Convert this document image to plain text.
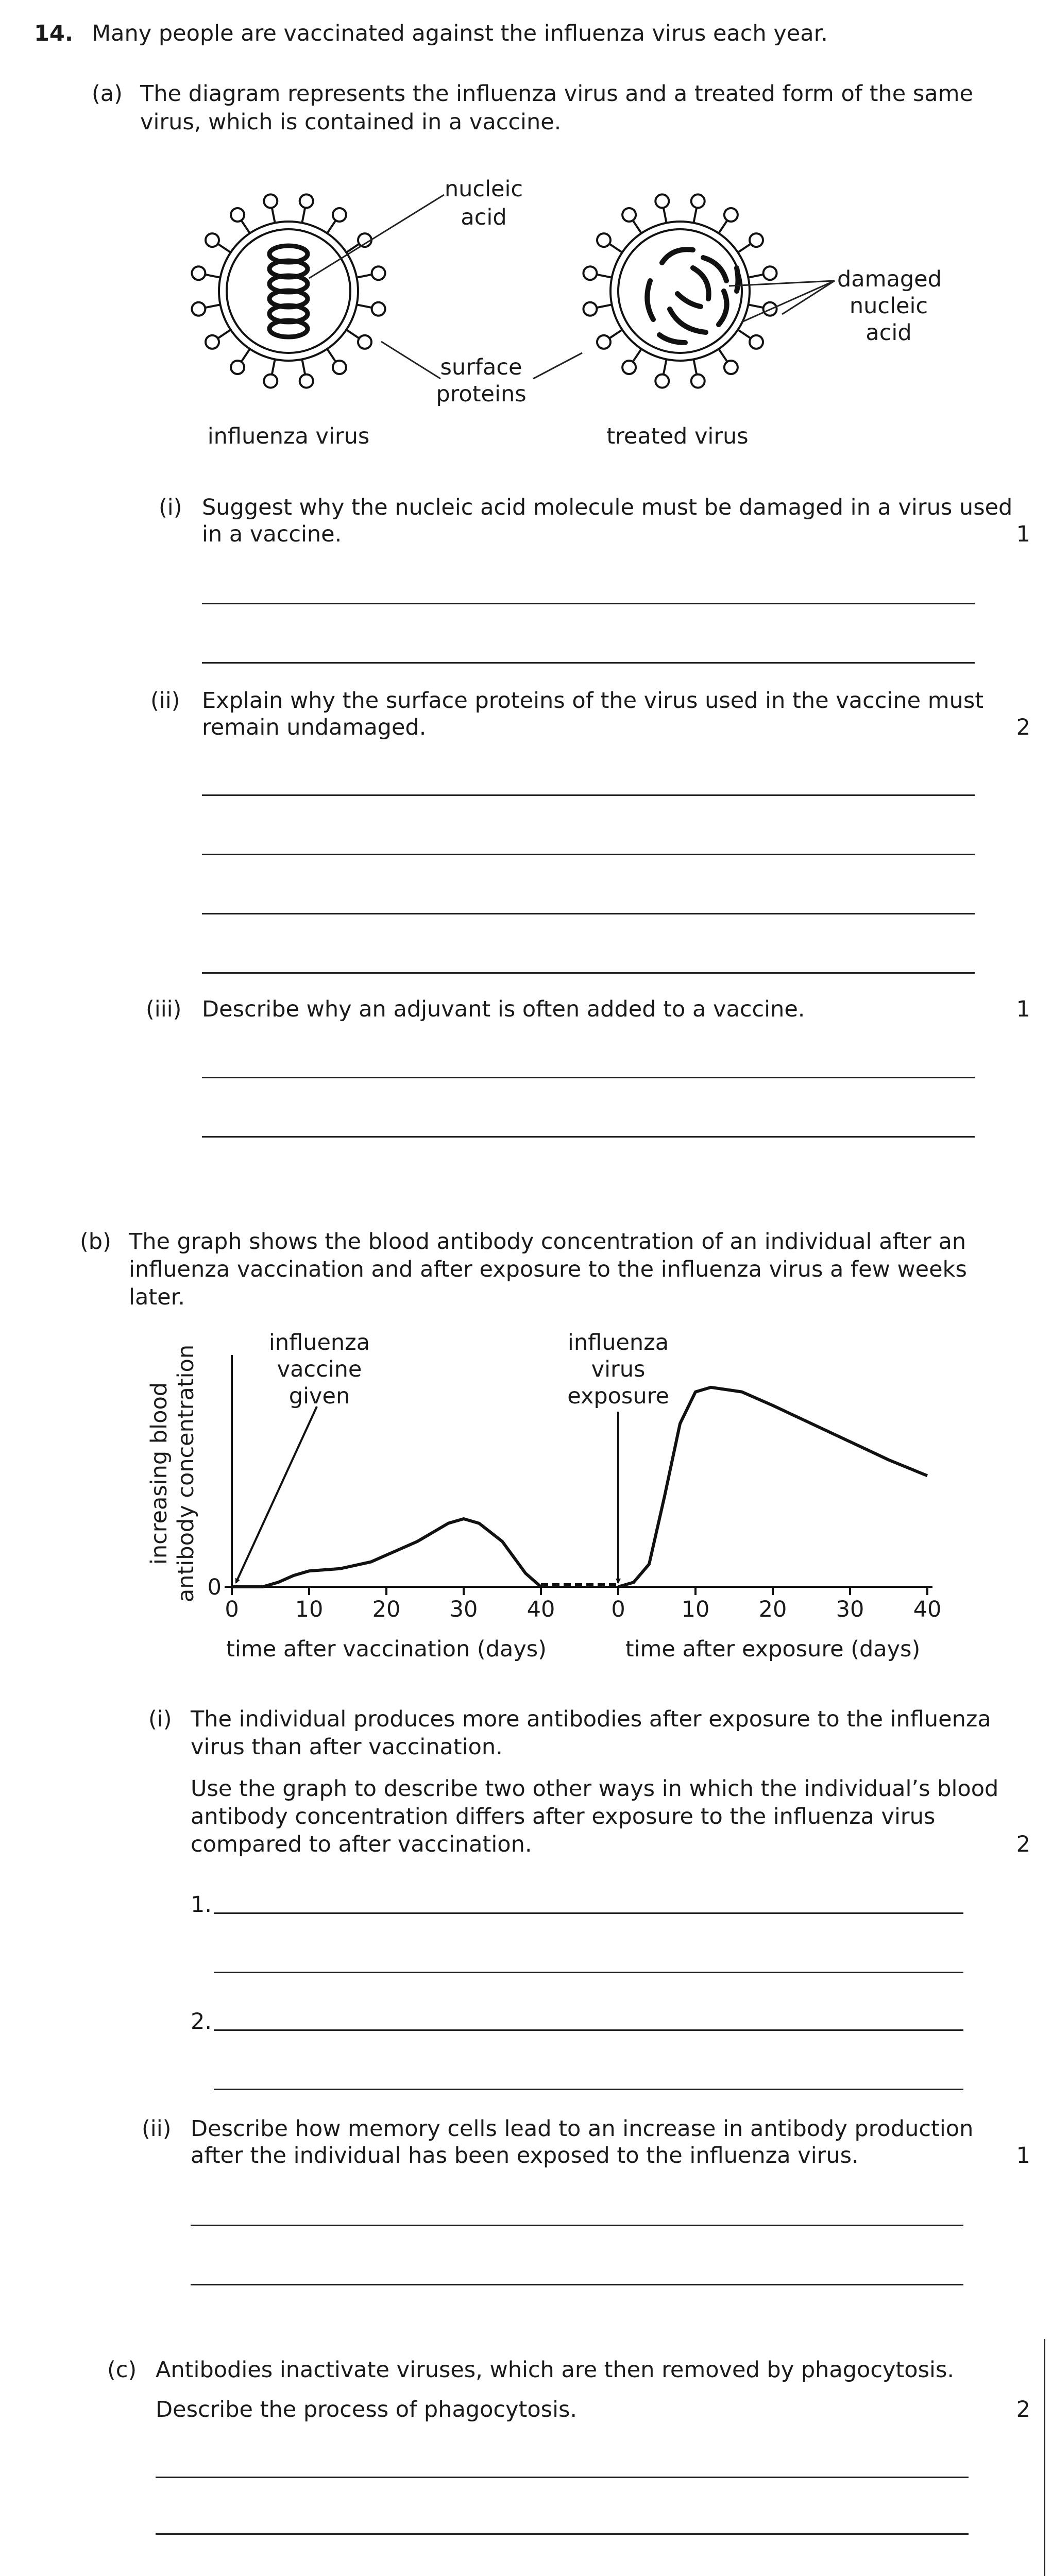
14. Many people are vaccinated against the influenza virus each year.
(a) The diagram represents the influenza virus and a treated form of the same
virus, which is contained in a vaccine.
nucleic
acid
damaged
nucleic
acid
surface
proteins
influenza virus	treated virus
(i) Suggest why the nucleic acid molecule must be damaged in a virus used
in a vaccine.	1
(ii) Explain why the surface proteins of the virus used in the vaccine must
remain undamaged.	2
(iii) Describe why an adjuvant is often added to a vaccine.	1
(b) The graph shows the blood antibody concentration of an individual after an
influenza vaccination and after exposure to the influenza virus a few weeks
later.
increasing blood antibody concentration 0
0	10 20 30 40
time after vaccination (days)
0	10 20 30 40
time after exposure (days)
influenza
vaccine
given
influenza
virus
exposure
(i) The individual produces more antibodies after exposure to the influenza
virus than after vaccination.
Use the graph to describe two other ways in which the individual’s blood
antibody concentration differs after exposure to the influenza virus
compared to after vaccination.	2
1.
2.
(ii) Describe how memory cells lead to an increase in antibody production
after the individual has been exposed to the influenza virus.	1
(c) Antibodies inactivate viruses, which are then removed by phagocytosis.
Describe the process of phagocytosis.	2
